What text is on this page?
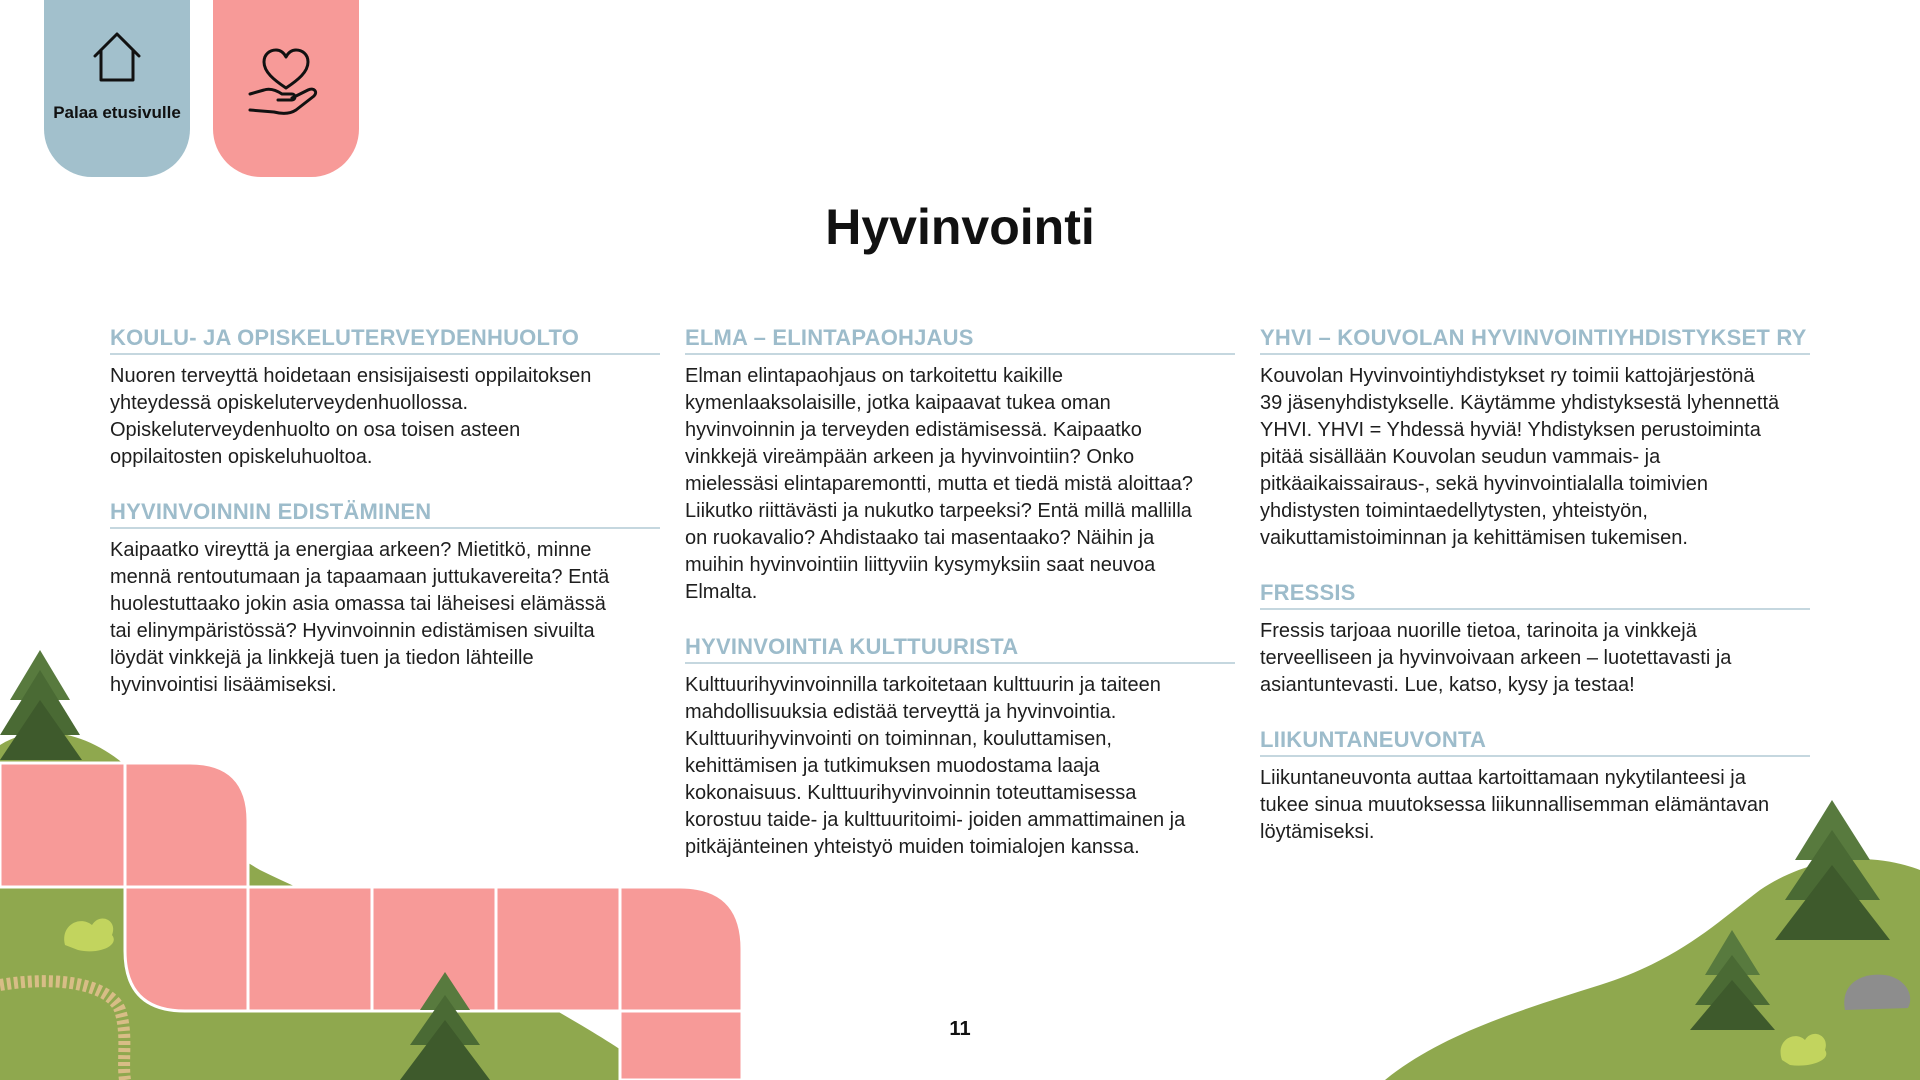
Palaa etusivulle
Hyvinvointi
KOULU- JA OPISKELUTERVEYDENHUOLTO

Nuoren terveyttä hoidetaan ensisijaisesti oppilaitoksen yhteydessä opiskeluterveydenhuollossa. Opiskeluterveydenhuolto on osa toisen asteen oppilaitosten opiskeluhuoltoa.

HYVINVOINNIN EDISTÄMINEN

Kaipaatko vireyttä ja energiaa arkeen? Mietitkö, minne mennä rentoutumaan ja tapaamaan juttukavereita? Entä huolestuttaako jokin asia omassa tai läheisesi elämässä tai elinympäristössä? Hyvinvoinnin edistämisen sivuilta löydät vinkkejä ja linkkejä tuen ja tiedon lähteille hyvinvointisi lisäämiseksi.

ELMA – ELINTAPAOHJAUS

Elman elintapaohjaus on tarkoitettu kaikille kymenlaaksolaisille, jotka kaipaavat tukea oman hyvinvoinnin ja terveyden edistämisessä. Kaipaatko vinkkejä vireämpään arkeen ja hyvinvointiin? Onko mielessäsi elintaparemontti, mutta et tiedä mistä aloittaa? Liikutko riittävästi ja nukutko tarpeeksi? Entä millä mallilla on ruokavalio? Ahdistaako tai masentaako? Näihin ja muihin hyvinvointiin liittyviin kysymyksiin saat neuvoa Elmalta.

HYVINVOINTIA KULTTUURISTA

Kulttuurihyvinvoinnilla tarkoitetaan kulttuurin ja taiteen mahdollisuuksia edistää terveyttä ja hyvinvointia. Kulttuurihyvinvointi on toiminnan, kouluttamisen, kehittämisen ja tutkimuksen muodostama laaja kokonaisuus. Kulttuurihyvinvoinnin toteuttamisessa korostuu taide- ja kulttuuritoimi- joiden ammattimainen ja pitkäjänteinen yhteistyö muiden toimialojen kanssa.

YHVI – KOUVOLAN HYVINVOINTIYHDISTYKSET RY

Kouvolan Hyvinvointiyhdistykset ry toimii kattojärjestönä 39 jäsenyhdistykselle. Käytämme yhdistyksestä lyhennettä YHVI. YHVI = Yhdessä hyviä! Yhdistyksen perustoiminta pitää sisällään Kouvolan seudun vammais- ja pitkäaikaissairaus-, sekä hyvinvointialalla toimivien yhdistysten toimintaedellytysten, yhteistyön, vaikuttamistoiminnan ja kehittämisen tukemisen.

FRESSIS

Fressis tarjoaa nuorille tietoa, tarinoita ja vinkkejä terveelliseen ja hyvinvoivaan arkeen – luotettavasti ja asiantuntevasti. Lue, katso, kysy ja testaa!

LIIKUNTANEUVONTA

Liikuntaneuvonta auttaa kartoittamaan nykytilanteesi ja tukee sinua muutoksessa liikunnallisemman elämäntavan löytämiseksi.

11
